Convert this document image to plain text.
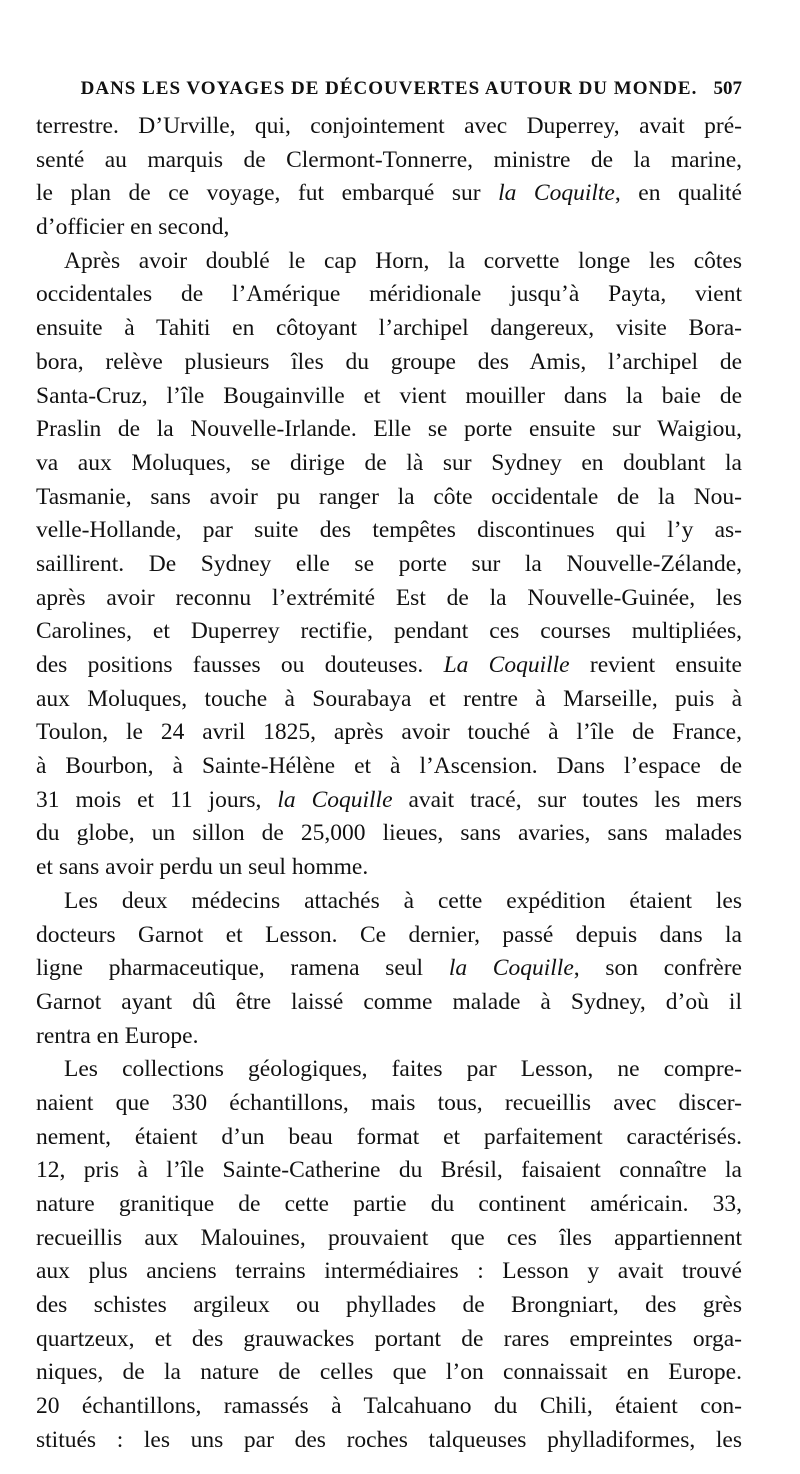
DANS LES VOYAGES DE DÉCOUVERTES AUTOUR DU MONDE. 507
terrestre. D’Urville, qui, conjointement avec Duperrey, avait pré-
senté au marquis de Clermont-Tonnerre, ministre de la marine,
le plan de ce voyage, fut embarqué sur la Coquilte, en qualité
d’officier en second,
Après avoir doublé le cap Horn, la corvette longe les côtes
occidentales de l’Amérique méridionale jusqu’à Payta, vient
ensuite à Tahiti en côtoyant l’archipel dangereux, visite Bora-
bora, relève plusieurs îles du groupe des Amis, l’archipel de
Santa-Cruz, l’île Bougainville et vient mouiller dans la baie de
Praslin de la Nouvelle-Irlande. Elle se porte ensuite sur Waigiou,
va aux Moluques, se dirige de là sur Sydney en doublant la
Tasmanie, sans avoir pu ranger la côte occidentale de la Nou-
velle-Hollande, par suite des tempêtes discontinues qui l’y as-
saillirent. De Sydney elle se porte sur la Nouvelle-Zélande,
après avoir reconnu l’extrémité Est de la Nouvelle-Guinée, les
Carolines, et Duperrey rectifie, pendant ces courses multipliées,
des positions fausses ou douteuses. La Coquille revient ensuite
aux Moluques, touche à Sourabaya et rentre à Marseille, puis à
Toulon, le 24 avril 1825, après avoir touché à l’île de France,
à Bourbon, à Sainte-Hélène et à l’Ascension. Dans l’espace de
31 mois et 11 jours, la Coquille avait tracé, sur toutes les mers
du globe, un sillon de 25,000 lieues, sans avaries, sans malades
et sans avoir perdu un seul homme.
Les deux médecins attachés à cette expédition étaient les
docteurs Garnot et Lesson. Ce dernier, passé depuis dans la
ligne pharmaceutique, ramena seul la Coquille, son confrère
Garnot ayant dû être laissé comme malade à Sydney, d’où il
rentra en Europe.
Les collections géologiques, faites par Lesson, ne compre-
naient que 330 échantillons, mais tous, recueillis avec discer-
nement, étaient d’un beau format et parfaitement caractérisés.
12, pris à l’île Sainte-Catherine du Brésil, faisaient connaître la
nature granitique de cette partie du continent américain. 33,
recueillis aux Malouines, prouvaient que ces îles appartiennent
aux plus anciens terrains intermédiaires : Lesson y avait trouvé
des schistes argileux ou phyllades de Brongniart, des grès
quartzeux, et des grauwackes portant de rares empreintes orga-
niques, de la nature de celles que l’on connaissait en Europe.
20 échantillons, ramassés à Talcahuano du Chili, étaient con-
stitués : les uns par des roches talqueuses phylladiformes, les
